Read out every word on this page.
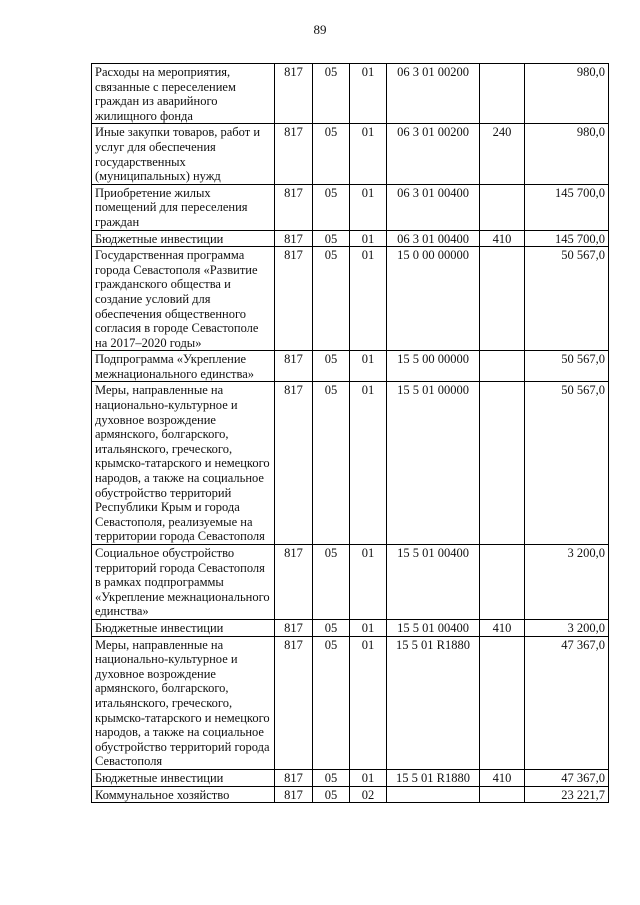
89
Расходы на мероприятия, связанные с переселением граждан из аварийного жилищного фонда	817	05	01	06 3 01 00200		980,0
Иные закупки товаров, работ и услуг для обеспечения государственных (муниципальных) нужд	817	05	01	06 3 01 00200	240	980,0
Приобретение жилых помещений для переселения граждан	817	05	01	06 3 01 00400		145 700,0
Бюджетные инвестиции	817	05	01	06 3 01 00400	410	145 700,0
Государственная программа города Севастополя «Развитие гражданского общества и создание условий для обеспечения общественного согласия в городе Севастополе на 2017–2020 годы»	817	05	01	15 0 00 00000		50 567,0
Подпрограмма «Укрепление межнационального единства»	817	05	01	15 5 00 00000		50 567,0
Меры, направленные на национально-культурное и духовное возрождение армянского, болгарского, итальянского, греческого, крымско-татарского и немецкого народов, а также на социальное обустройство территорий Республики Крым и города Севастополя, реализуемые на территории города Севастополя	817	05	01	15 5 01 00000		50 567,0
Социальное обустройство территорий города Севастополя в рамках подпрограммы «Укрепление межнационального единства»	817	05	01	15 5 01 00400		3 200,0
Бюджетные инвестиции	817	05	01	15 5 01 00400	410	3 200,0
Меры, направленные на национально-культурное и духовное возрождение армянского, болгарского, итальянского, греческого, крымско-татарского и немецкого народов, а также на социальное обустройство территорий города Севастополя	817	05	01	15 5 01 R1880		47 367,0
Бюджетные инвестиции	817	05	01	15 5 01 R1880	410	47 367,0
Коммунальное хозяйство	817	05	02			23 221,7
